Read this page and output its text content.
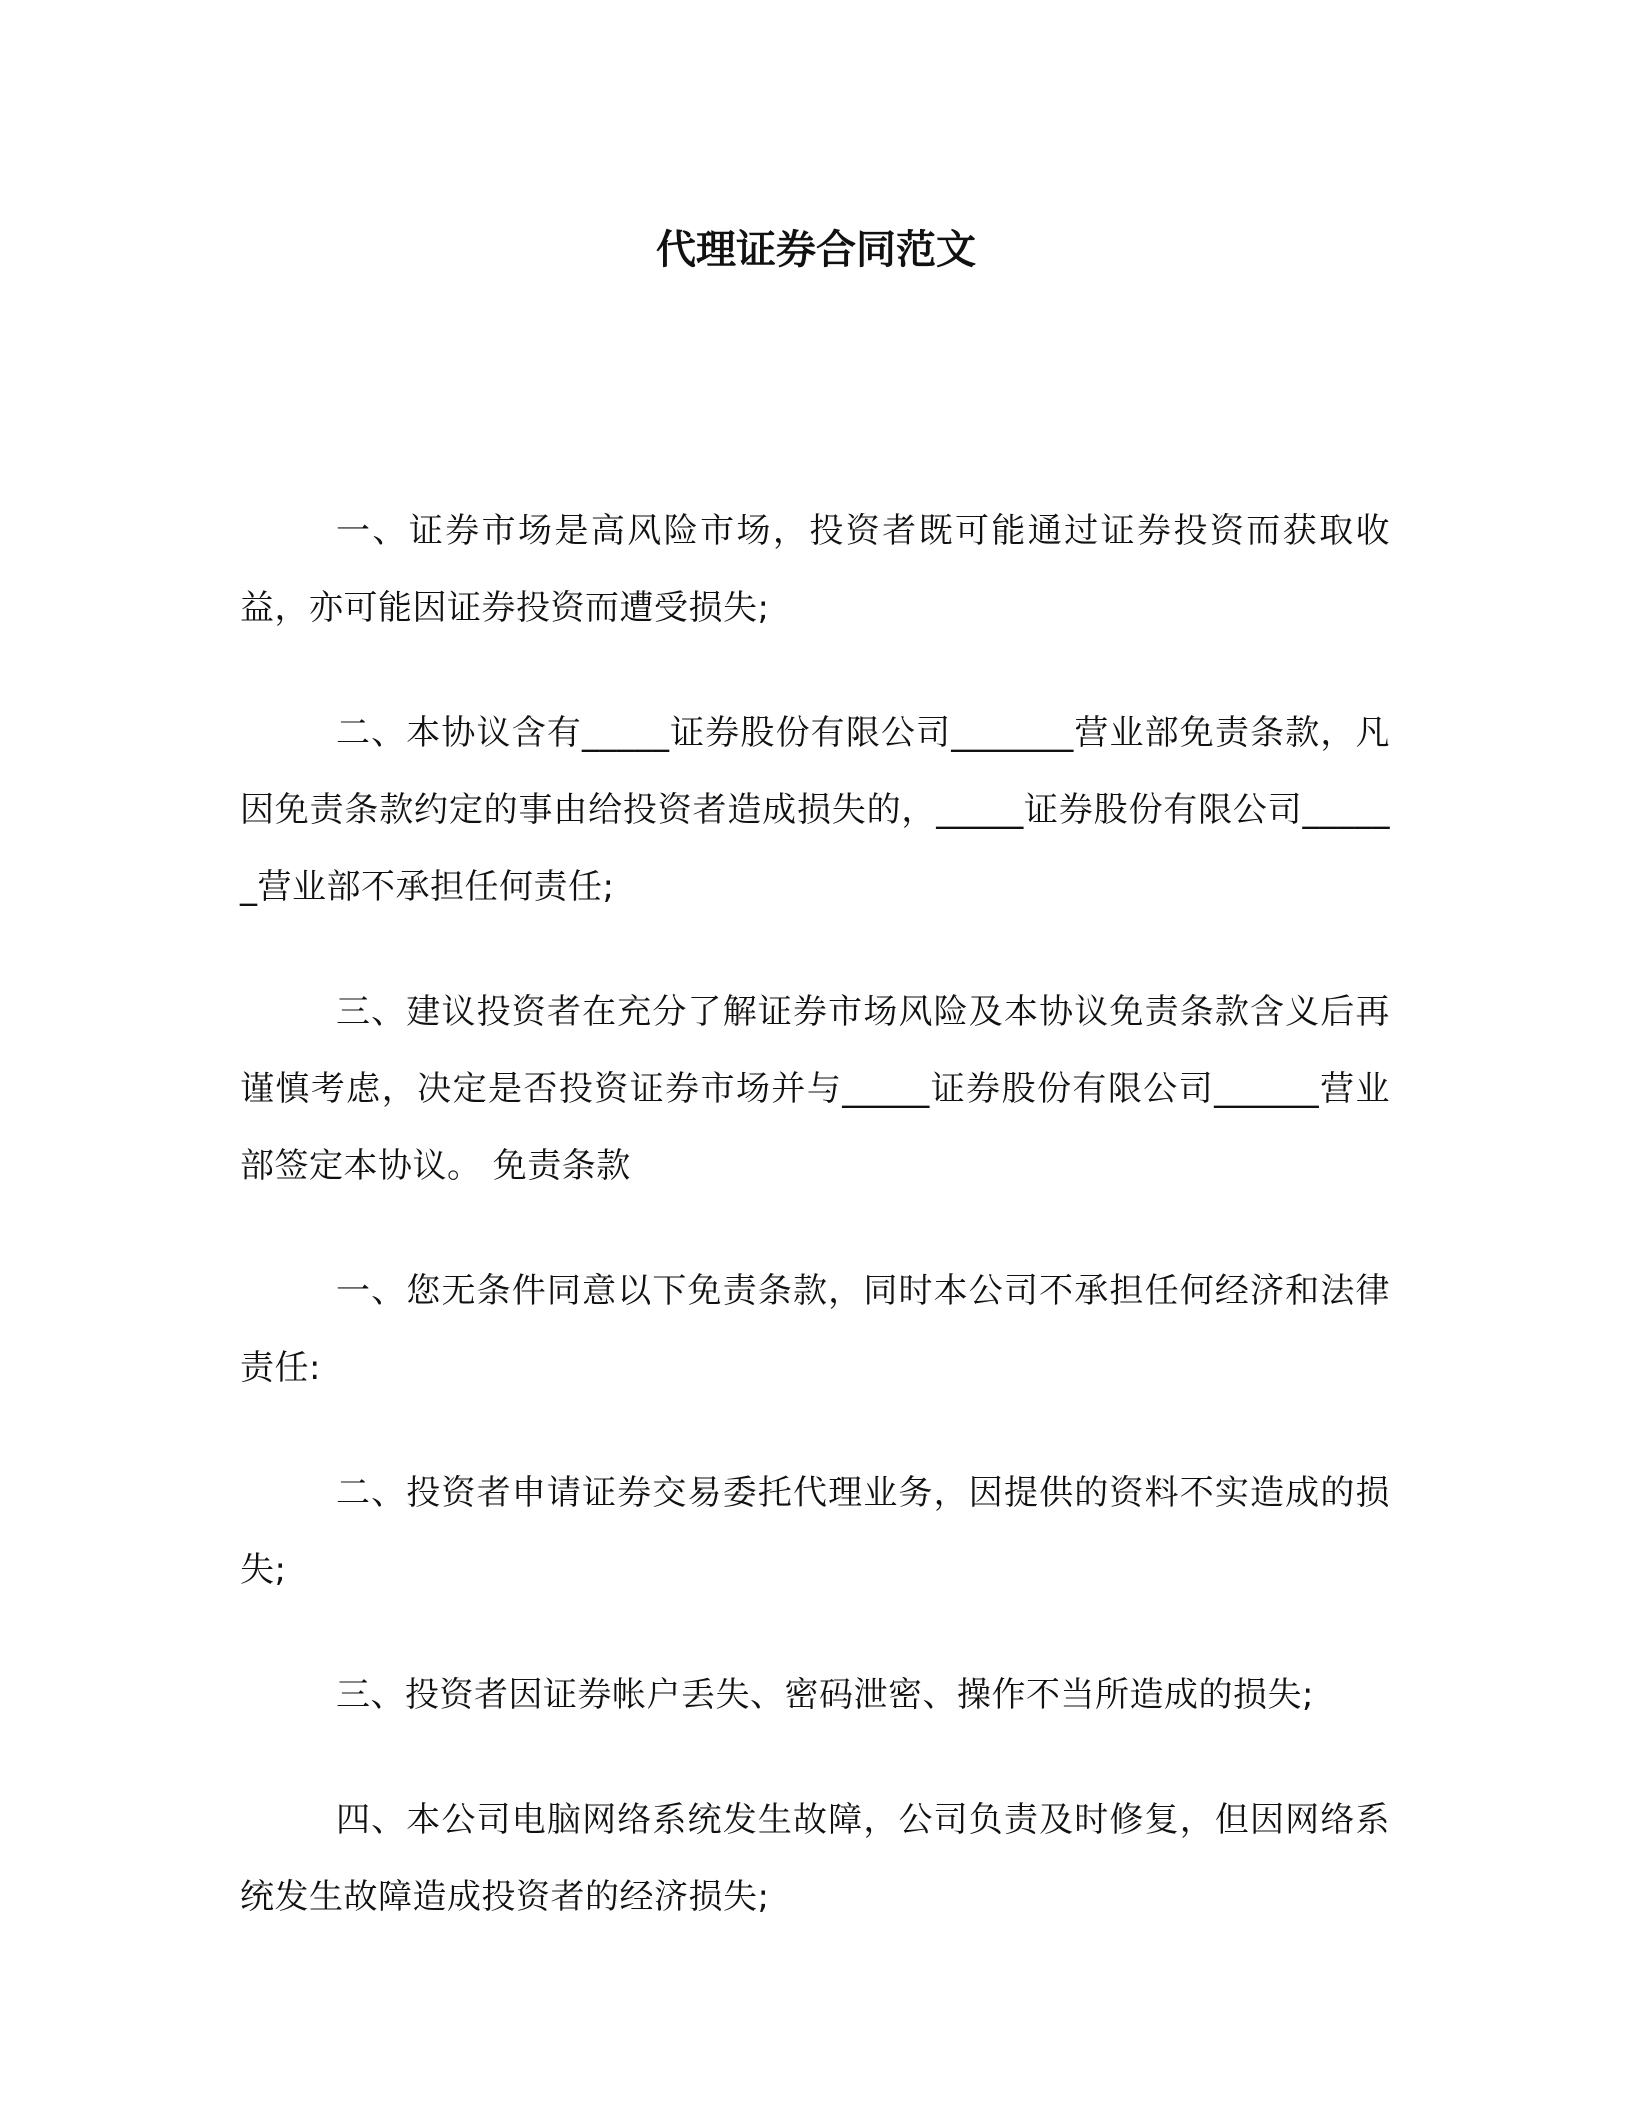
代理证券合同范文

一、证券市场是高风险市场，投资者既可能通过证券投资而获取收益，亦可能因证券投资而遭受损失;

二、本协议含有_____证券股份有限公司_______营业部免责条款，凡因免责条款约定的事由给投资者造成损失的，_____证券股份有限公司______营业部不承担任何责任;

三、建议投资者在充分了解证券市场风险及本协议免责条款含义后再谨慎考虑，决定是否投资证券市场并与_____证券股份有限公司______营业部签定本协议。 免责条款

一、您无条件同意以下免责条款，同时本公司不承担任何经济和法律责任:

二、投资者申请证券交易委托代理业务，因提供的资料不实造成的损失;

三、投资者因证券帐户丢失、密码泄密、操作不当所造成的损失;

四、本公司电脑网络系统发生故障，公司负责及时修复，但因网络系统发生故障造成投资者的经济损失;
